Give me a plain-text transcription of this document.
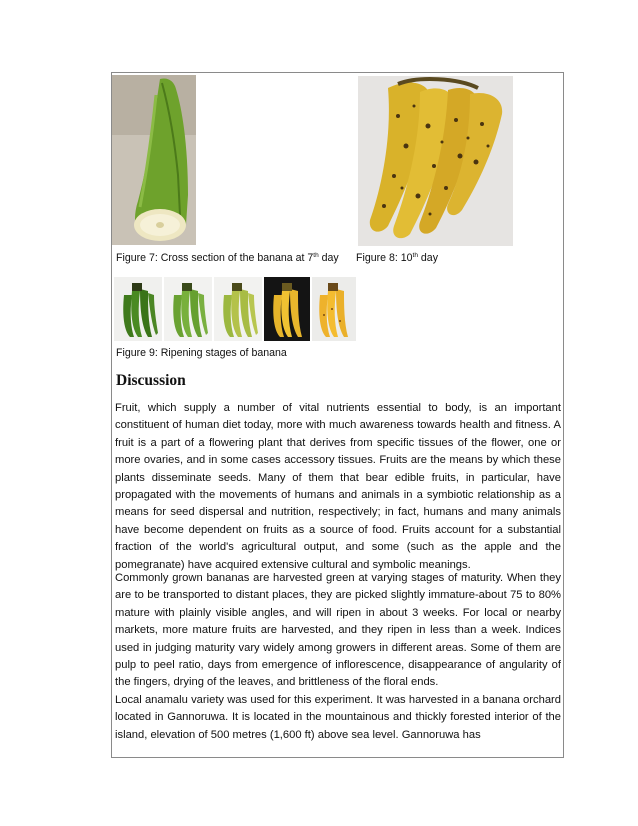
Figure 7: Cross section of the banana at 7th day Figure 8: 10th day
Figure 9: Ripening stages of banana
Discussion

Fruit, which supply a number of vital nutrients essential to body, is an important constituent of human diet today, more with much awareness towards health and fitness. A fruit is a part of a flowering plant that derives from specific tissues of the flower, one or more ovaries, and in some cases accessory tissues. Fruits are the means by which these plants disseminate seeds. Many of them that bear edible fruits, in particular, have propagated with the movements of humans and animals in a symbiotic relationship as a means for seed dispersal and nutrition, respectively; in fact, humans and many animals have become dependent on fruits as a source of food. Fruits account for a substantial fraction of the world's agricultural output, and some (such as the apple and the pomegranate) have acquired extensive cultural and symbolic meanings.

Commonly grown bananas are harvested green at varying stages of maturity. When they are to be transported to distant places, they are picked slightly immature-about 75 to 80% mature with plainly visible angles, and will ripen in about 3 weeks. For local or nearby markets, more mature fruits are harvested, and they ripen in less than a week. Indices used in judging maturity vary widely among growers in different areas. Some of them are pulp to peel ratio, days from emergence of inflorescence, disappearance of angularity of the fingers, drying of the leaves, and brittleness of the floral ends.

Local anamalu variety was used for this experiment. It was harvested in a banana orchard located in Gannoruwa. It is located in the mountainous and thickly forested interior of the island, elevation of 500 metres (1,600 ft) above sea level. Gannoruwa has
